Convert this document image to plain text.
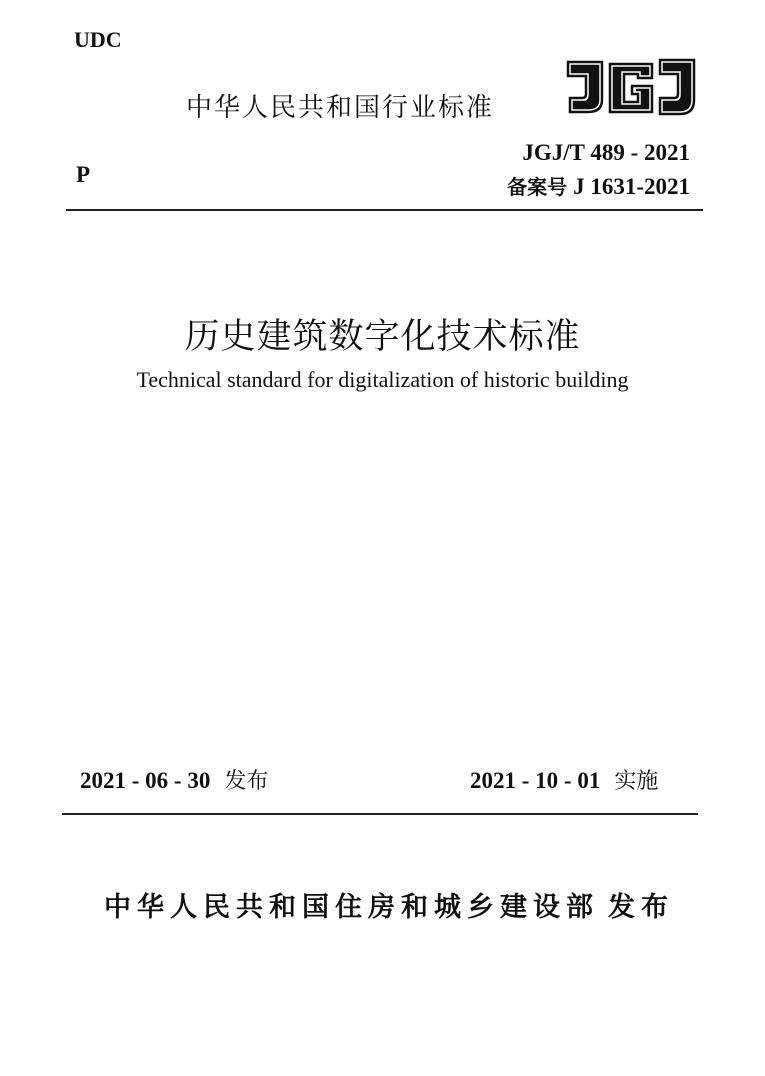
UDC
中华人民共和国行业标准
JGJ/T 489 - 2021
P	备案号 J 1631-2021
历史建筑数字化技术标准
Technical standard for digitalization of historic building
2021 - 06 - 30 发布	2021 - 10 - 01 实施
中华人民共和国住房和城乡建设部 发布
